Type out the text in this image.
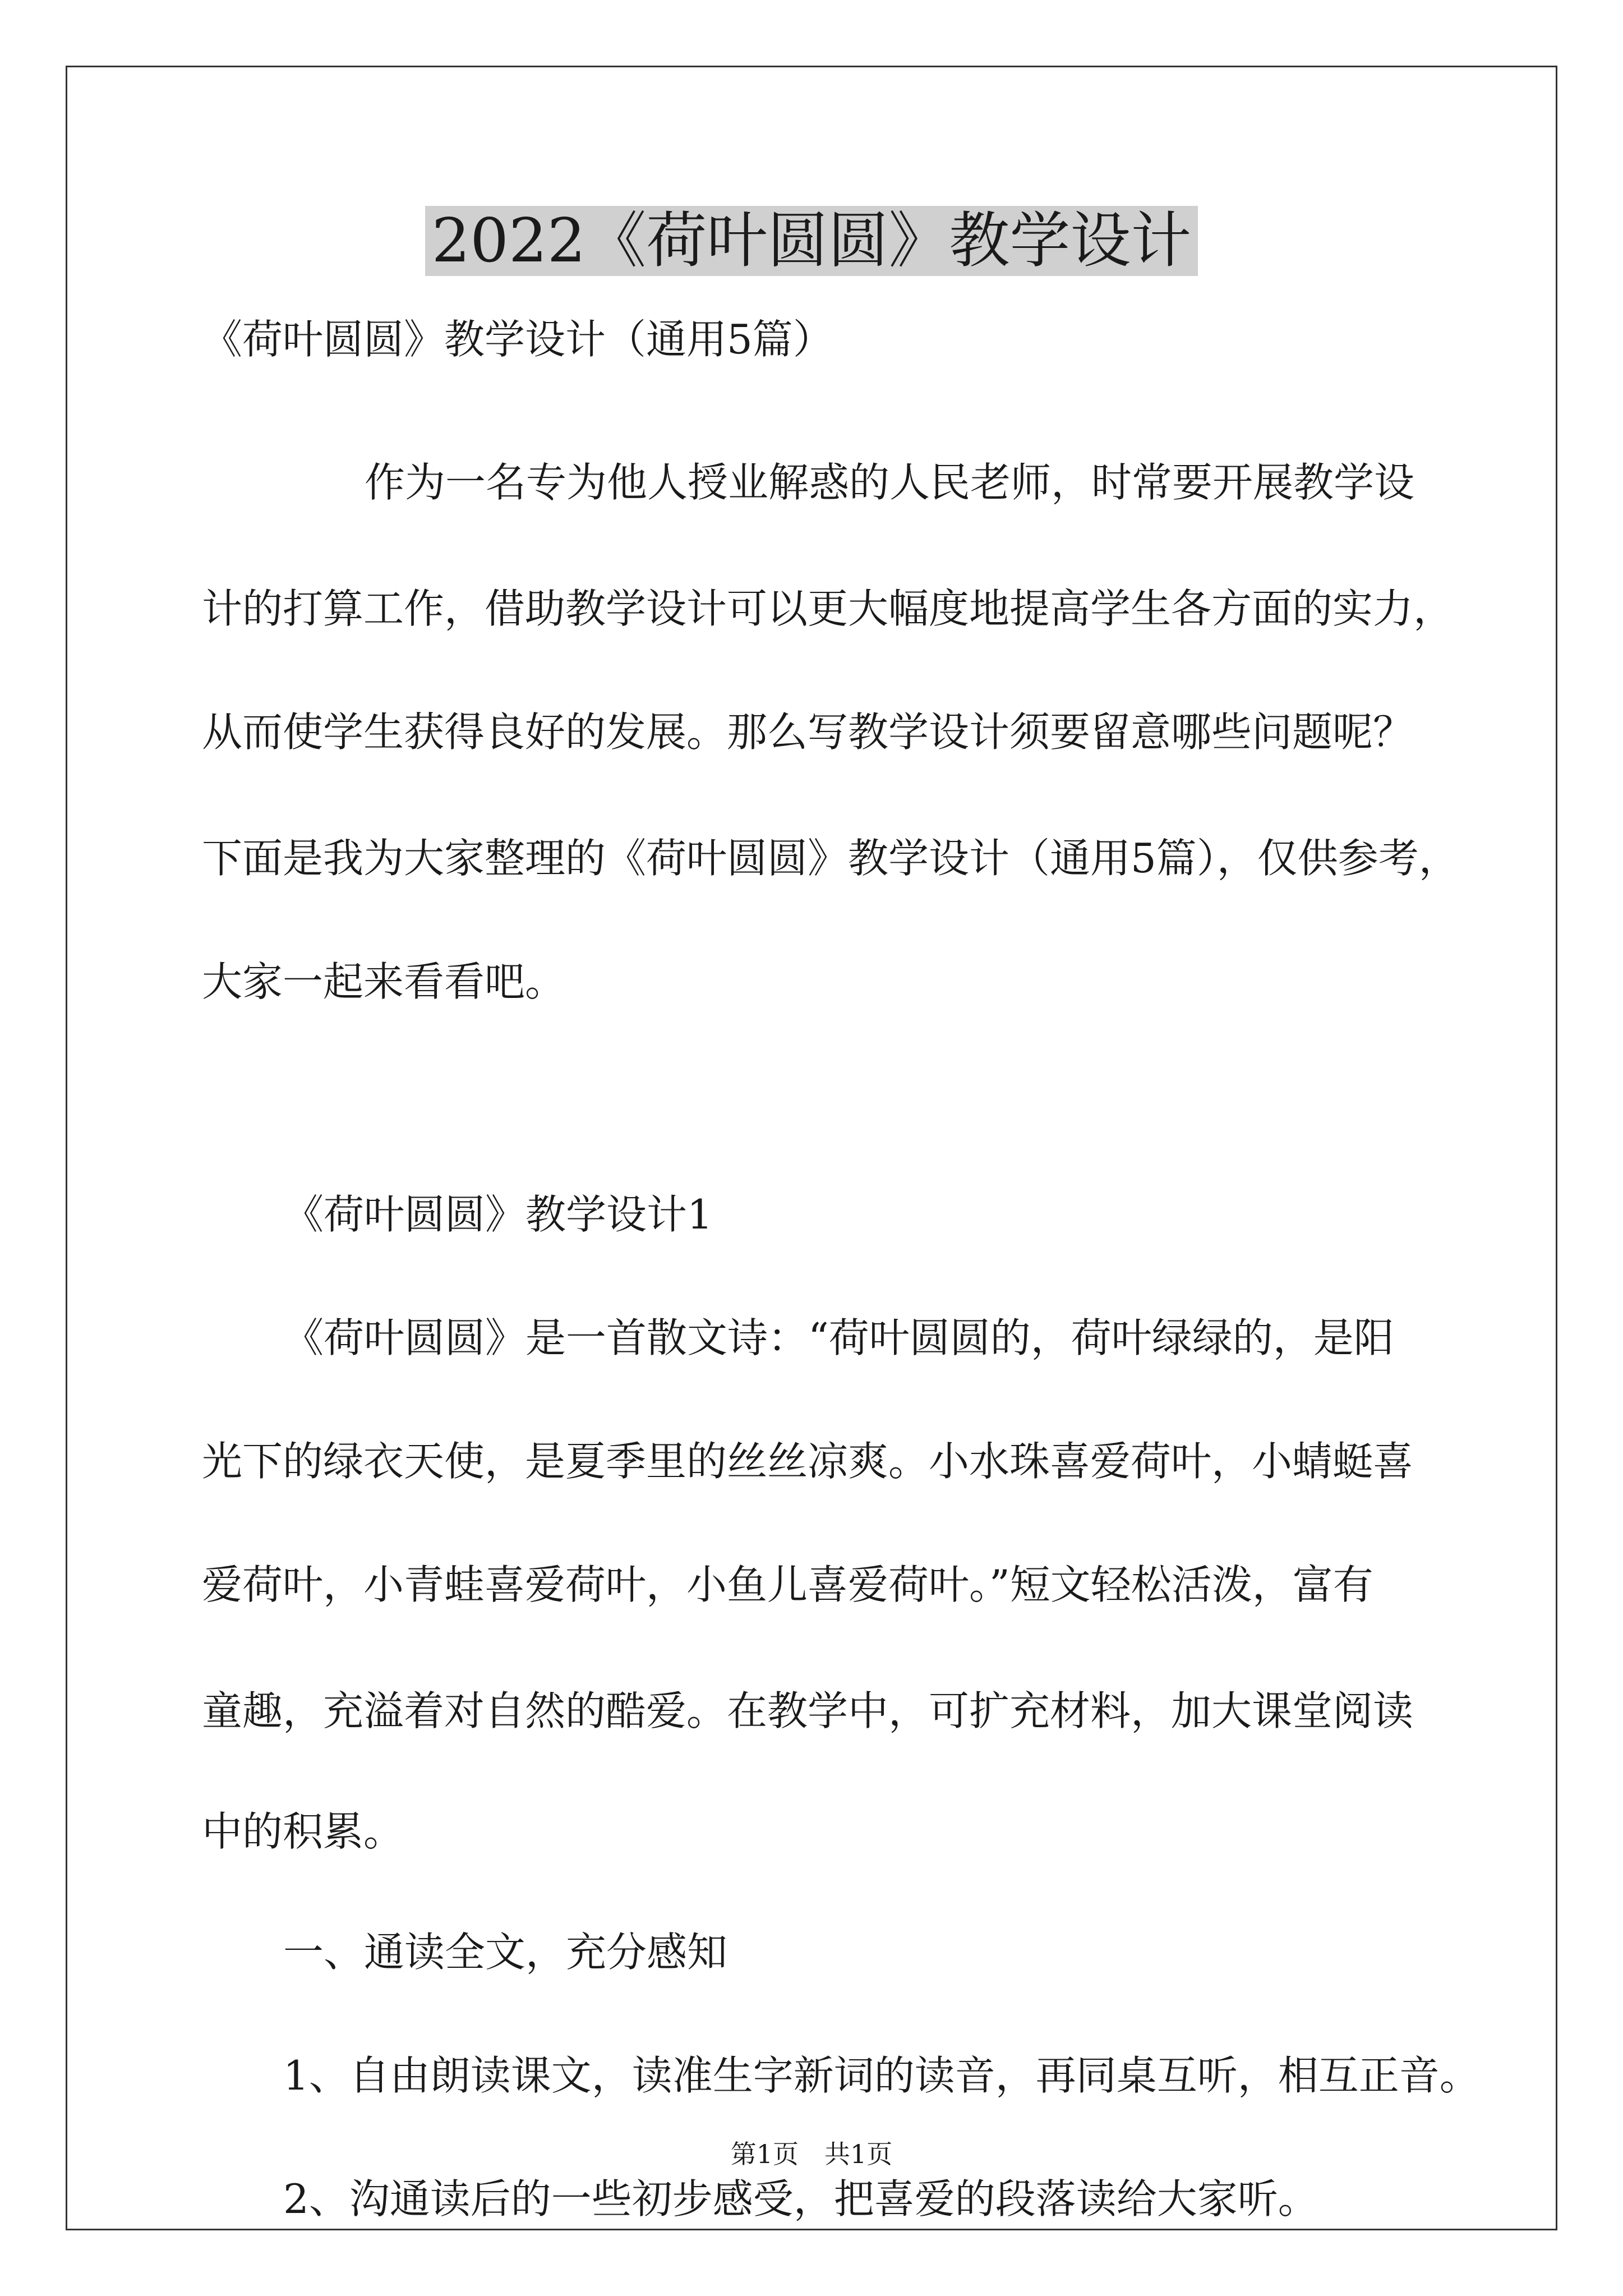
2022《荷叶圆圆》教学设计
《荷叶圆圆》教学设计（通用5篇）
作为一名专为他人授业解惑的人民老师，时常要开展教学设
计的打算工作，借助教学设计可以更大幅度地提高学生各方面的实力，
从而使学生获得良好的发展。那么写教学设计须要留意哪些问题呢？
下面是我为大家整理的《荷叶圆圆》教学设计（通用5篇），仅供参考，
大家一起来看看吧。
《荷叶圆圆》教学设计1
《荷叶圆圆》是一首散文诗：“荷叶圆圆的，荷叶绿绿的，是阳
光下的绿衣天使，是夏季里的丝丝凉爽。小水珠喜爱荷叶，小蜻蜓喜
爱荷叶，小青蛙喜爱荷叶，小鱼儿喜爱荷叶。”短文轻松活泼，富有
童趣，充溢着对自然的酷爱。在教学中，可扩充材料，加大课堂阅读
中的积累。
一、通读全文，充分感知
1、自由朗读课文，读准生字新词的读音，再同桌互听，相互正音。
2、沟通读后的一些初步感受，把喜爱的段落读给大家听。
第1页　共1页
